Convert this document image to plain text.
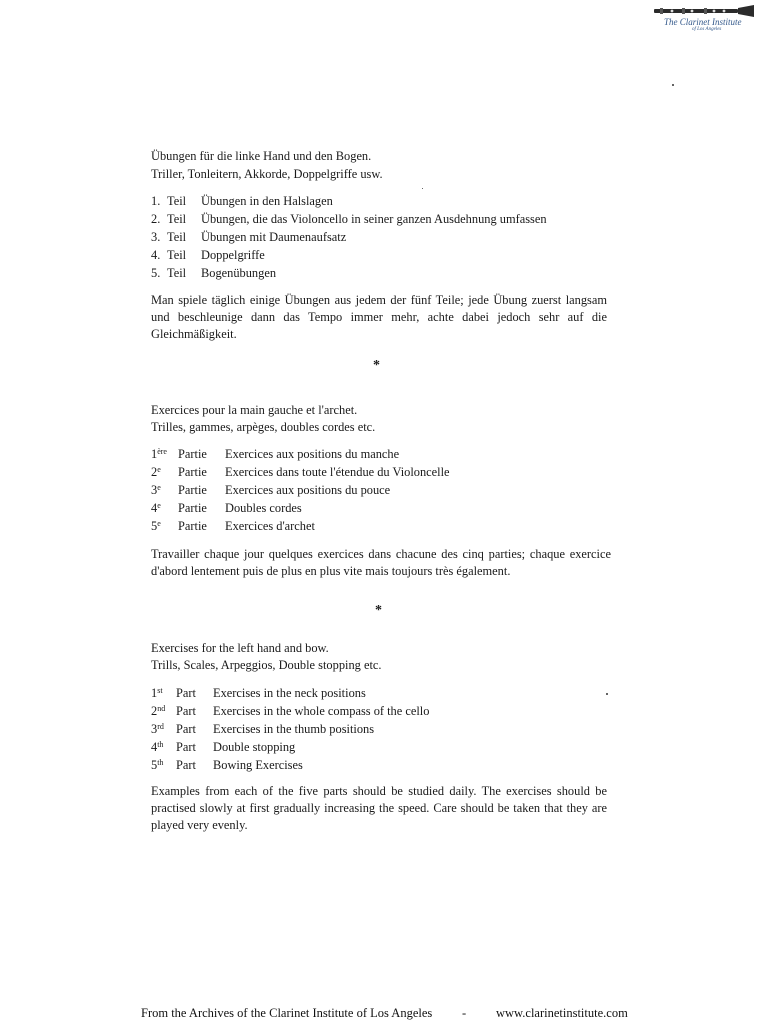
The Clarinet Institute
of Los Angeles
Übungen für die linke Hand und den Bogen.
Triller, Tonleitern, Akkorde, Doppelgriffe usw.
1. Teil Übungen in den Halslagen
2. Teil Übungen, die das Violoncello in seiner ganzen Ausdehnung umfassen
3. Teil Übungen mit Daumenaufsatz
4. Teil Doppelgriffe
5. Teil Bogenübungen
Man spiele täglich einige Übungen aus jedem der fünf Teile; jede Übung zuerst langsam und beschleunige dann das Tempo immer mehr, achte dabei jedoch sehr auf die Gleichmäßigkeit.
*
Exercices pour la main gauche et l'archet.
Trilles, gammes, arpèges, doubles cordes etc.
1ère Partie Exercices aux positions du manche
2e Partie Exercices dans toute l'étendue du Violoncelle
3e Partie Exercices aux positions du pouce
4e Partie Doubles cordes
5e Partie Exercices d'archet
Travailler chaque jour quelques exercices dans chacune des cinq parties; chaque exercice d'abord lentement puis de plus en plus vite mais toujours très également.
*
Exercises for the left hand and bow.
Trills, Scales, Arpeggios, Double stopping etc.
1st Part Exercises in the neck positions
2nd Part Exercises in the whole compass of the cello
3rd Part Exercises in the thumb positions
4th Part Double stopping
5th Part Bowing Exercises
Examples from each of the five parts should be studied daily. The exercises should be practised slowly at first gradually increasing the speed. Care should be taken that they are played very evenly.
From the Archives of the Clarinet Institute of Los Angeles - www.clarinetinstitute.com
